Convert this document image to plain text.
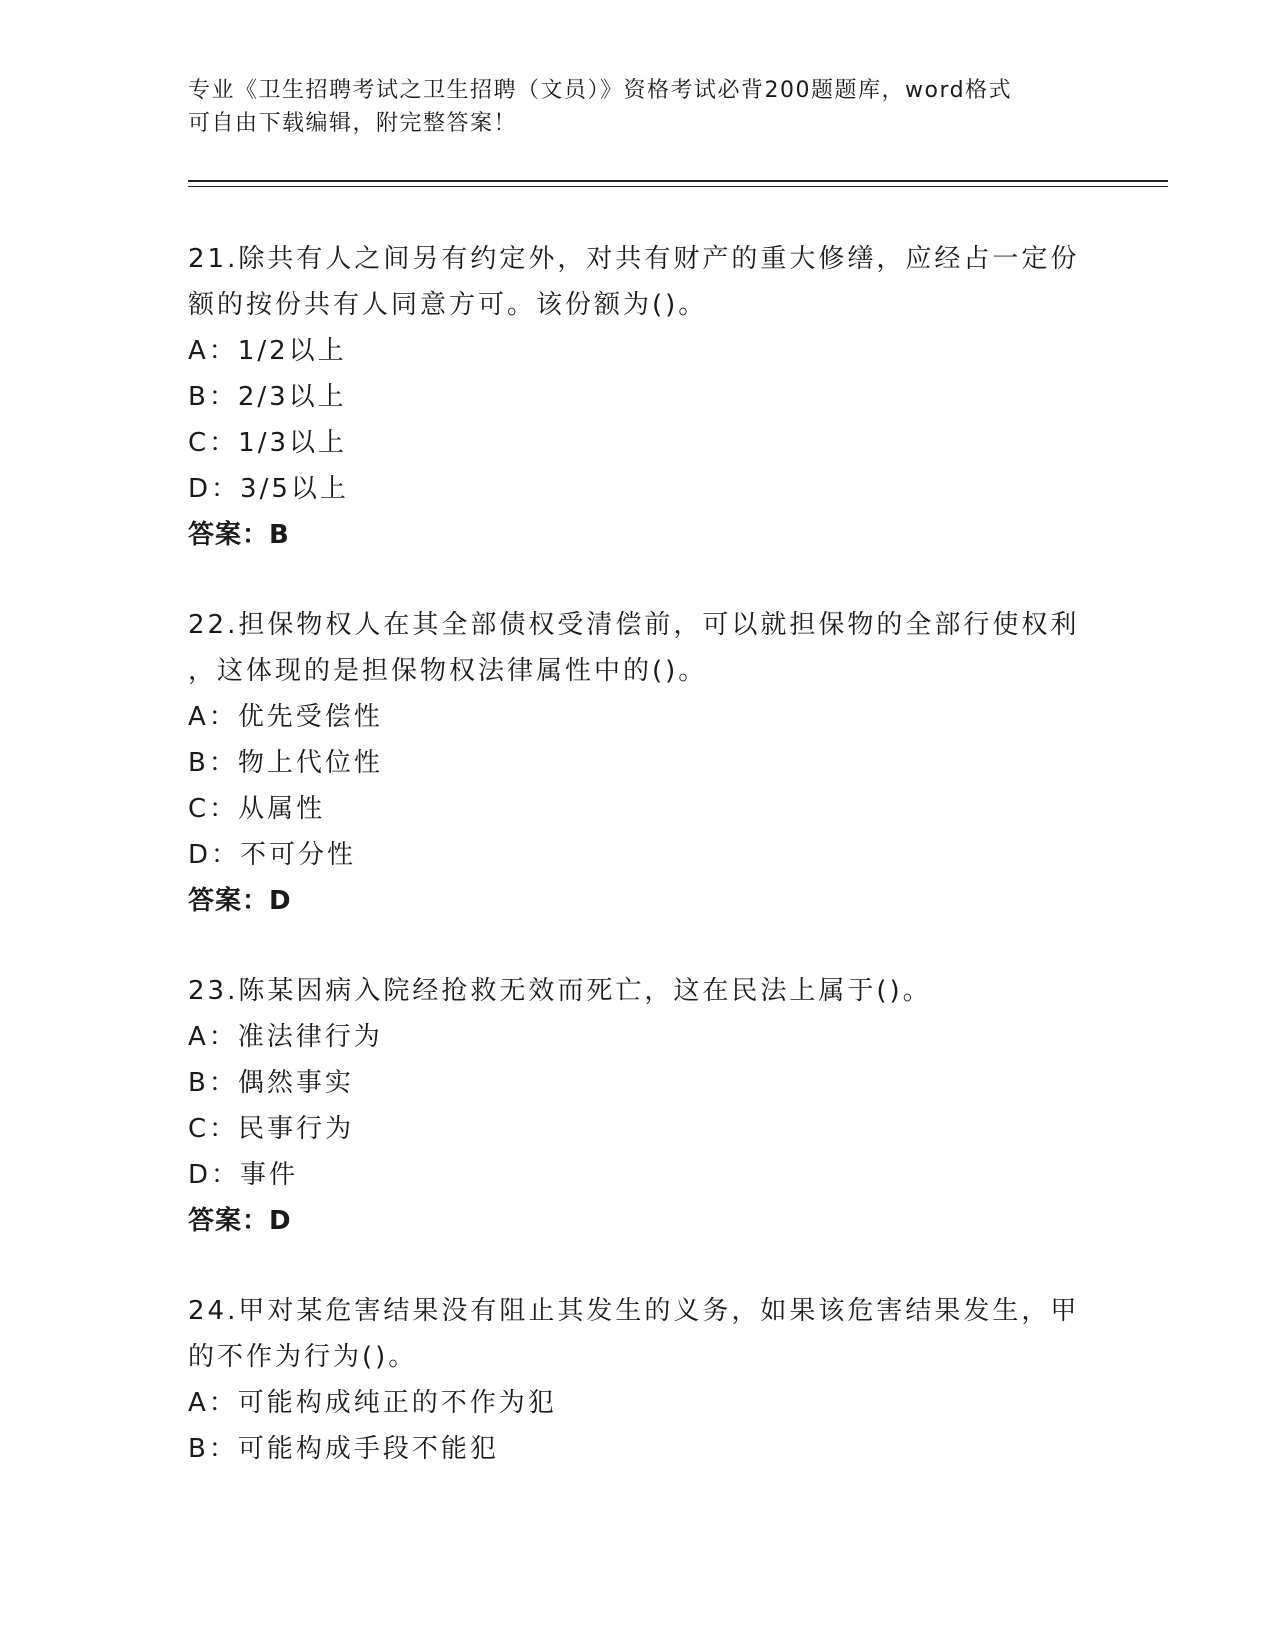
专业《卫生招聘考试之卫生招聘（文员）》资格考试必背200题题库，word格式
可自由下载编辑，附完整答案！
21.除共有人之间另有约定外，对共有财产的重大修缮，应经占一定份
额的按份共有人同意方可。该份额为()。
A：1/2以上
B：2/3以上
C：1/3以上
D：3/5以上
答案：B
22.担保物权人在其全部债权受清偿前，可以就担保物的全部行使权利
，这体现的是担保物权法律属性中的()。
A：优先受偿性
B：物上代位性
C：从属性
D：不可分性
答案：D
23.陈某因病入院经抢救无效而死亡，这在民法上属于()。
A：准法律行为
B：偶然事实
C：民事行为
D：事件
答案：D
24.甲对某危害结果没有阻止其发生的义务，如果该危害结果发生，甲
的不作为行为()。
A：可能构成纯正的不作为犯
B：可能构成手段不能犯
